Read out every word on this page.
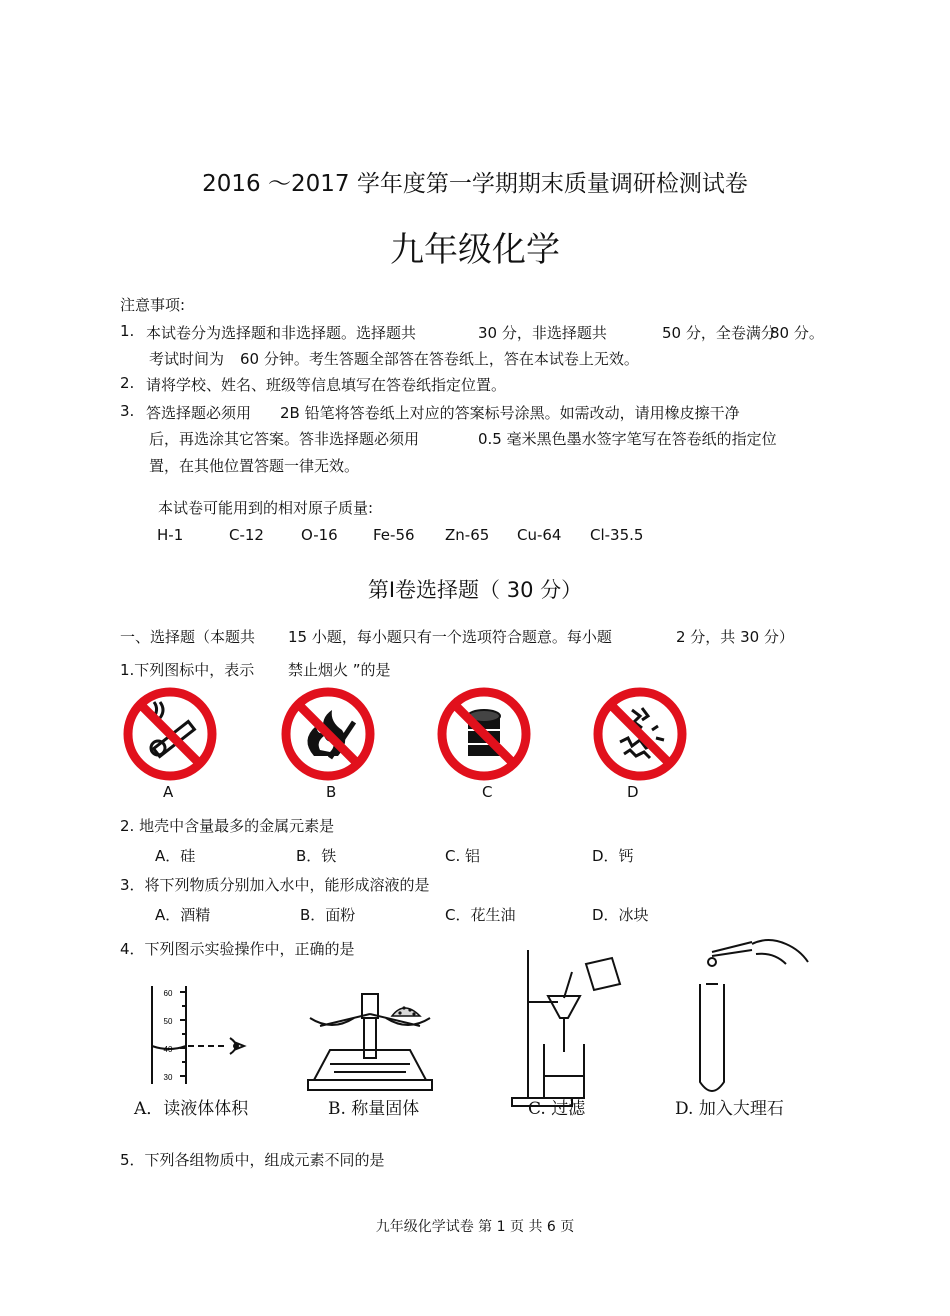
2016 ～2017 学年度第一学期期末质量调研检测试卷
九年级化学
注意事项:
1. 本试卷分为选择题和非选择题。选择题共	30 分，非选择题共	50 分，全卷满分
80 分。
考试时间为 60 分钟。考生答题全部答在答卷纸上，答在本试卷上无效。
2. 请将学校、姓名、班级等信息填写在答卷纸指定位置。
3. 答选择题必须用 2B 铅笔将答卷纸上对应的答案标号涂黑。如需改动，请用橡皮擦干净
后，再选涂其它答案。答非选择题必须用	0.5 毫米黑色墨水签字笔写在答卷纸的指定位
置，在其他位置答题一律无效。
本试卷可能用到的相对原子质量:
H-1	C-12 O-16 Fe-56 Zn-65 Cu-64 Cl-35.5
第Ⅰ卷选择题（ 30 分）
一、选择题（本题共 15 小题，每小题只有一个选项符合题意。每小题	2 分，共 30 分）
1.下列图标中，表示 禁止烟火 ”的是
A	B	C	D
2. 地壳中含量最多的金属元素是
A．硅	B．铁	C. 铝	D．钙
3．将下列物质分别加入水中，能形成溶液的是
A．酒精	B．面粉	C．花生油	D．冰块
4．下列图示实验操作中，正确的是
60
50
40
30
A．读液体体积	B. 称量固体	C. 过滤	D. 加入大理石
5．下列各组物质中，组成元素不同的是
九年级化学试卷 第 1 页 共 6 页
